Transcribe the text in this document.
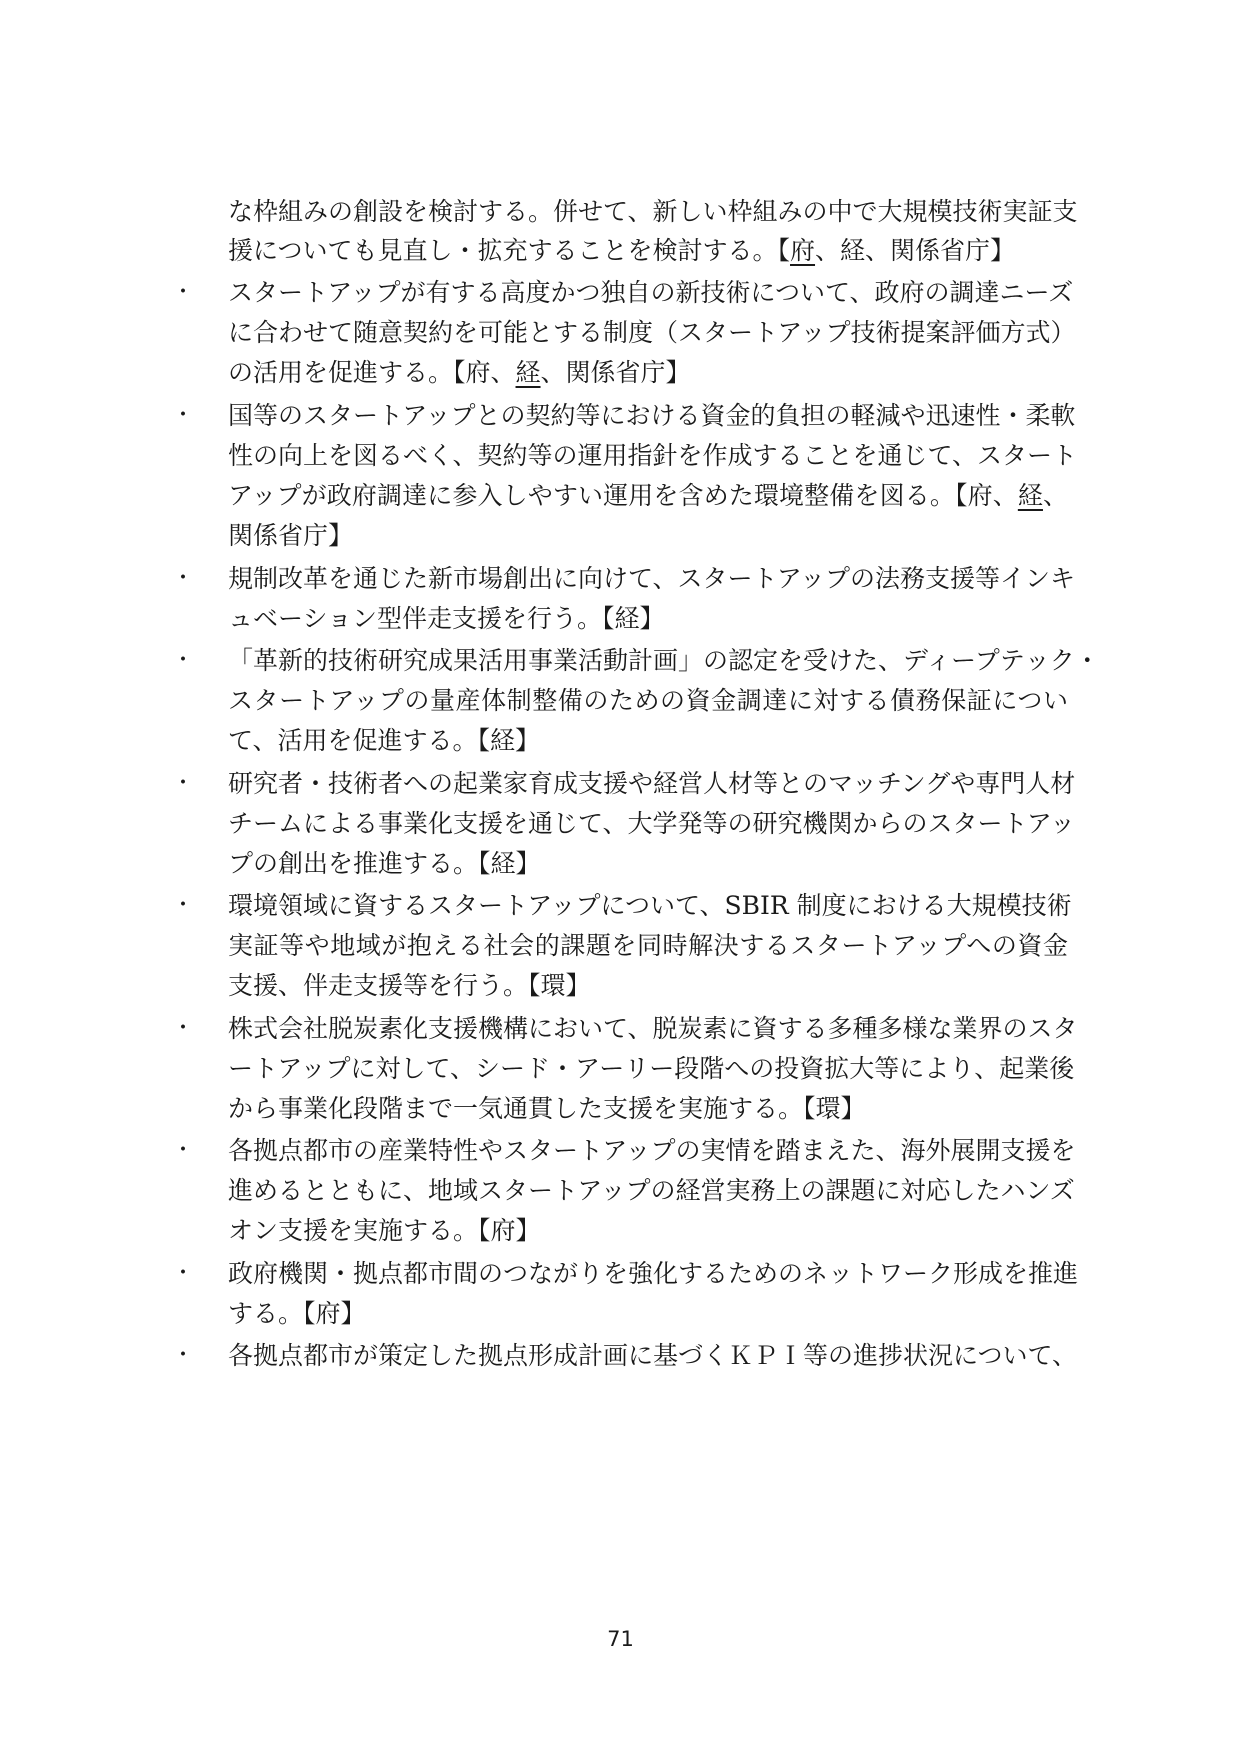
な枠組みの創設を検討する。併せて、新しい枠組みの中で大規模技術実証支
援についても見直し・拡充することを検討する。【府、経、関係省庁】
・ スタートアップが有する高度かつ独自の新技術について、政府の調達ニーズ
に合わせて随意契約を可能とする制度（スタートアップ技術提案評価方式）
の活用を促進する。【府、経、関係省庁】
・ 国等のスタートアップとの契約等における資金的負担の軽減や迅速性・柔軟
性の向上を図るべく、契約等の運用指針を作成することを通じて、スタート
アップが政府調達に参入しやすい運用を含めた環境整備を図る。【府、経、
関係省庁】
・ 規制改革を通じた新市場創出に向けて、スタートアップの法務支援等インキ
ュベーション型伴走支援を行う。【経】
・ 「革新的技術研究成果活用事業活動計画」の認定を受けた、ディープテック・
スタートアップの量産体制整備のための資金調達に対する債務保証につい
て、活用を促進する。【経】
・ 研究者・技術者への起業家育成支援や経営人材等とのマッチングや専門人材
チームによる事業化支援を通じて、大学発等の研究機関からのスタートアッ
プの創出を推進する。【経】
・ 環境領域に資するスタートアップについて、SBIR 制度における大規模技術
実証等や地域が抱える社会的課題を同時解決するスタートアップへの資金
支援、伴走支援等を行う。【環】
・ 株式会社脱炭素化支援機構において、脱炭素に資する多種多様な業界のスタ
ートアップに対して、シード・アーリー段階への投資拡大等により、起業後
から事業化段階まで一気通貫した支援を実施する。【環】
・ 各拠点都市の産業特性やスタートアップの実情を踏まえた、海外展開支援を
進めるとともに、地域スタートアップの経営実務上の課題に対応したハンズ
オン支援を実施する。【府】
・ 政府機関・拠点都市間のつながりを強化するためのネットワーク形成を推進
する。【府】
・ 各拠点都市が策定した拠点形成計画に基づくＫＰＩ等の進捗状況について、
71
